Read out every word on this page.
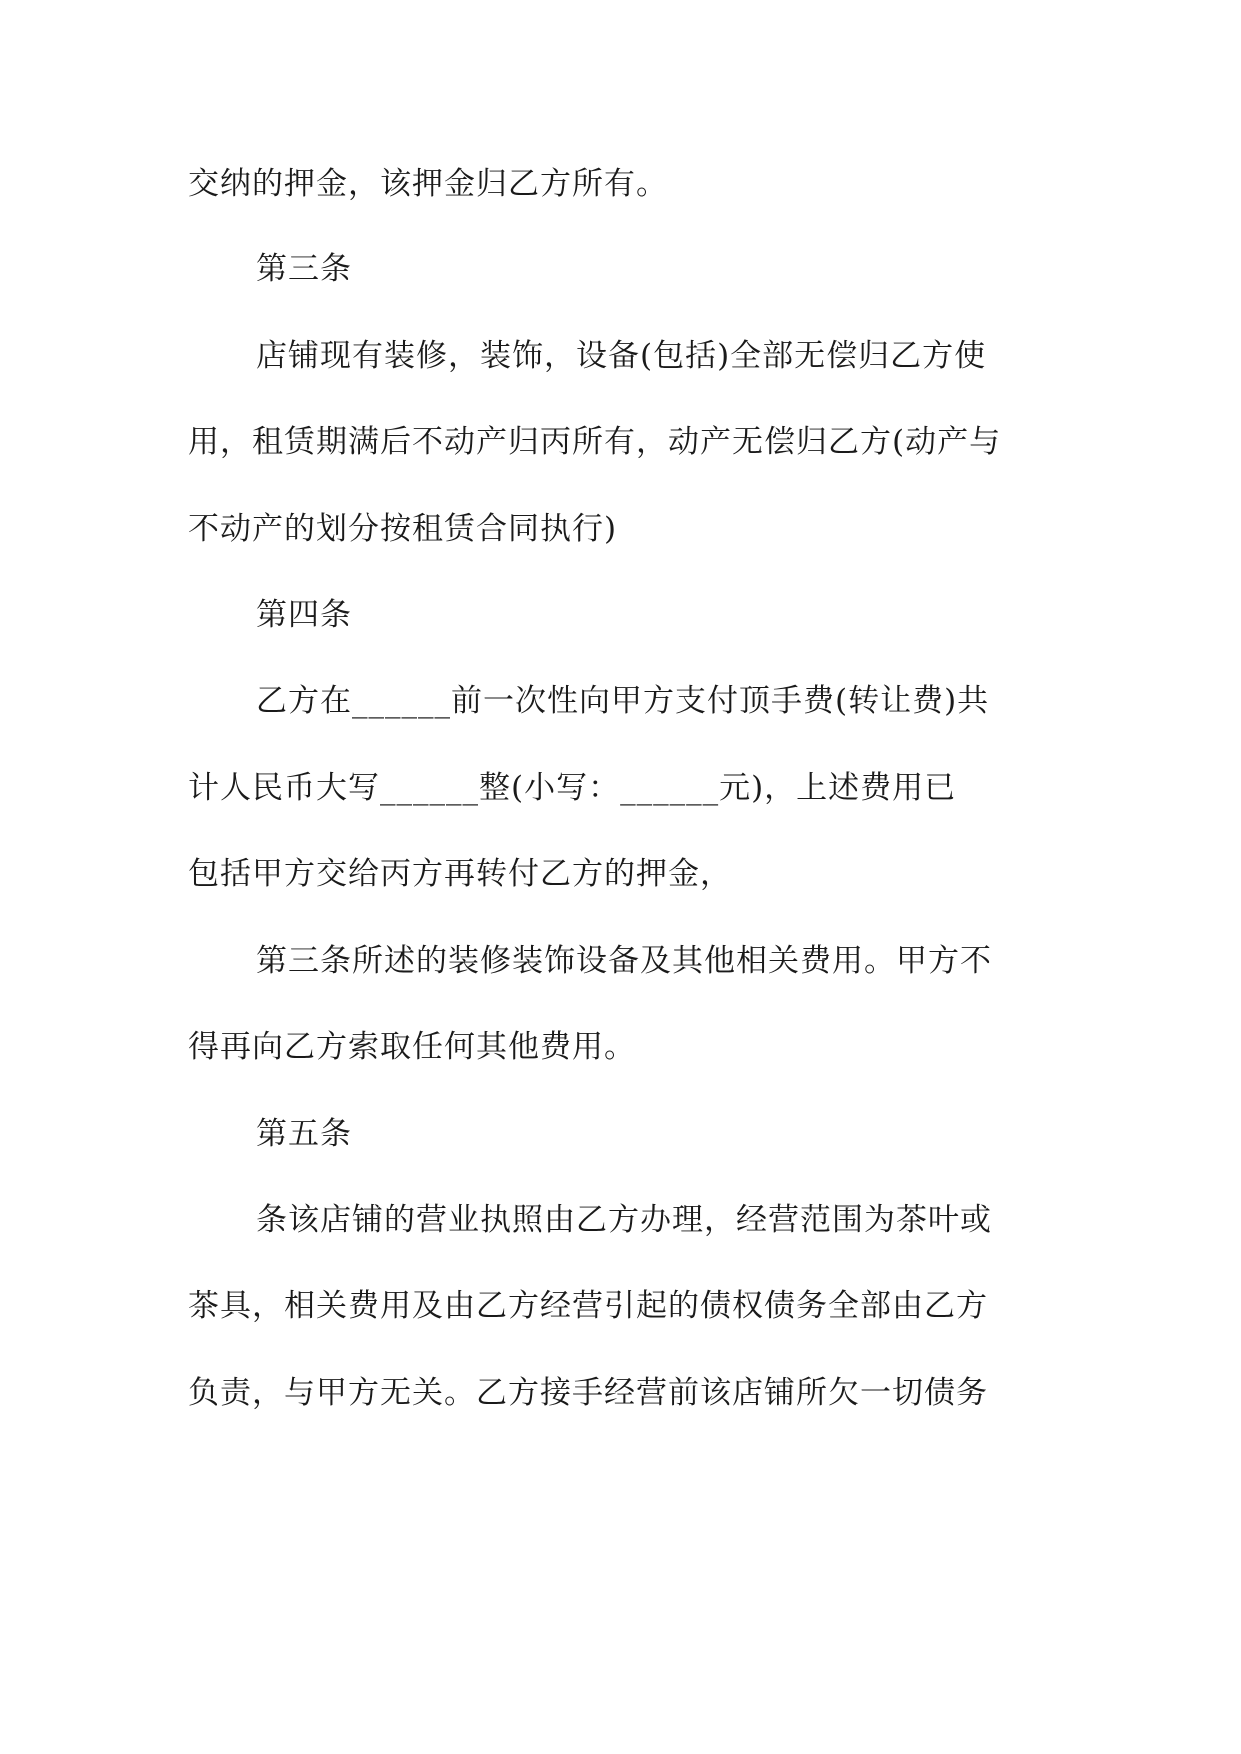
交纳的押金，该押金归乙方所有。
第三条
店铺现有装修，装饰，设备(包括)全部无偿归乙方使
用，租赁期满后不动产归丙所有，动产无偿归乙方(动产与
不动产的划分按租赁合同执行)
第四条
乙方在______前一次性向甲方支付顶手费(转让费)共
计人民币大写______整(小写：______元)，上述费用已
包括甲方交给丙方再转付乙方的押金，
第三条所述的装修装饰设备及其他相关费用。甲方不
得再向乙方索取任何其他费用。
第五条
条该店铺的营业执照由乙方办理，经营范围为茶叶或
茶具，相关费用及由乙方经营引起的债权债务全部由乙方
负责，与甲方无关。乙方接手经营前该店铺所欠一切债务
